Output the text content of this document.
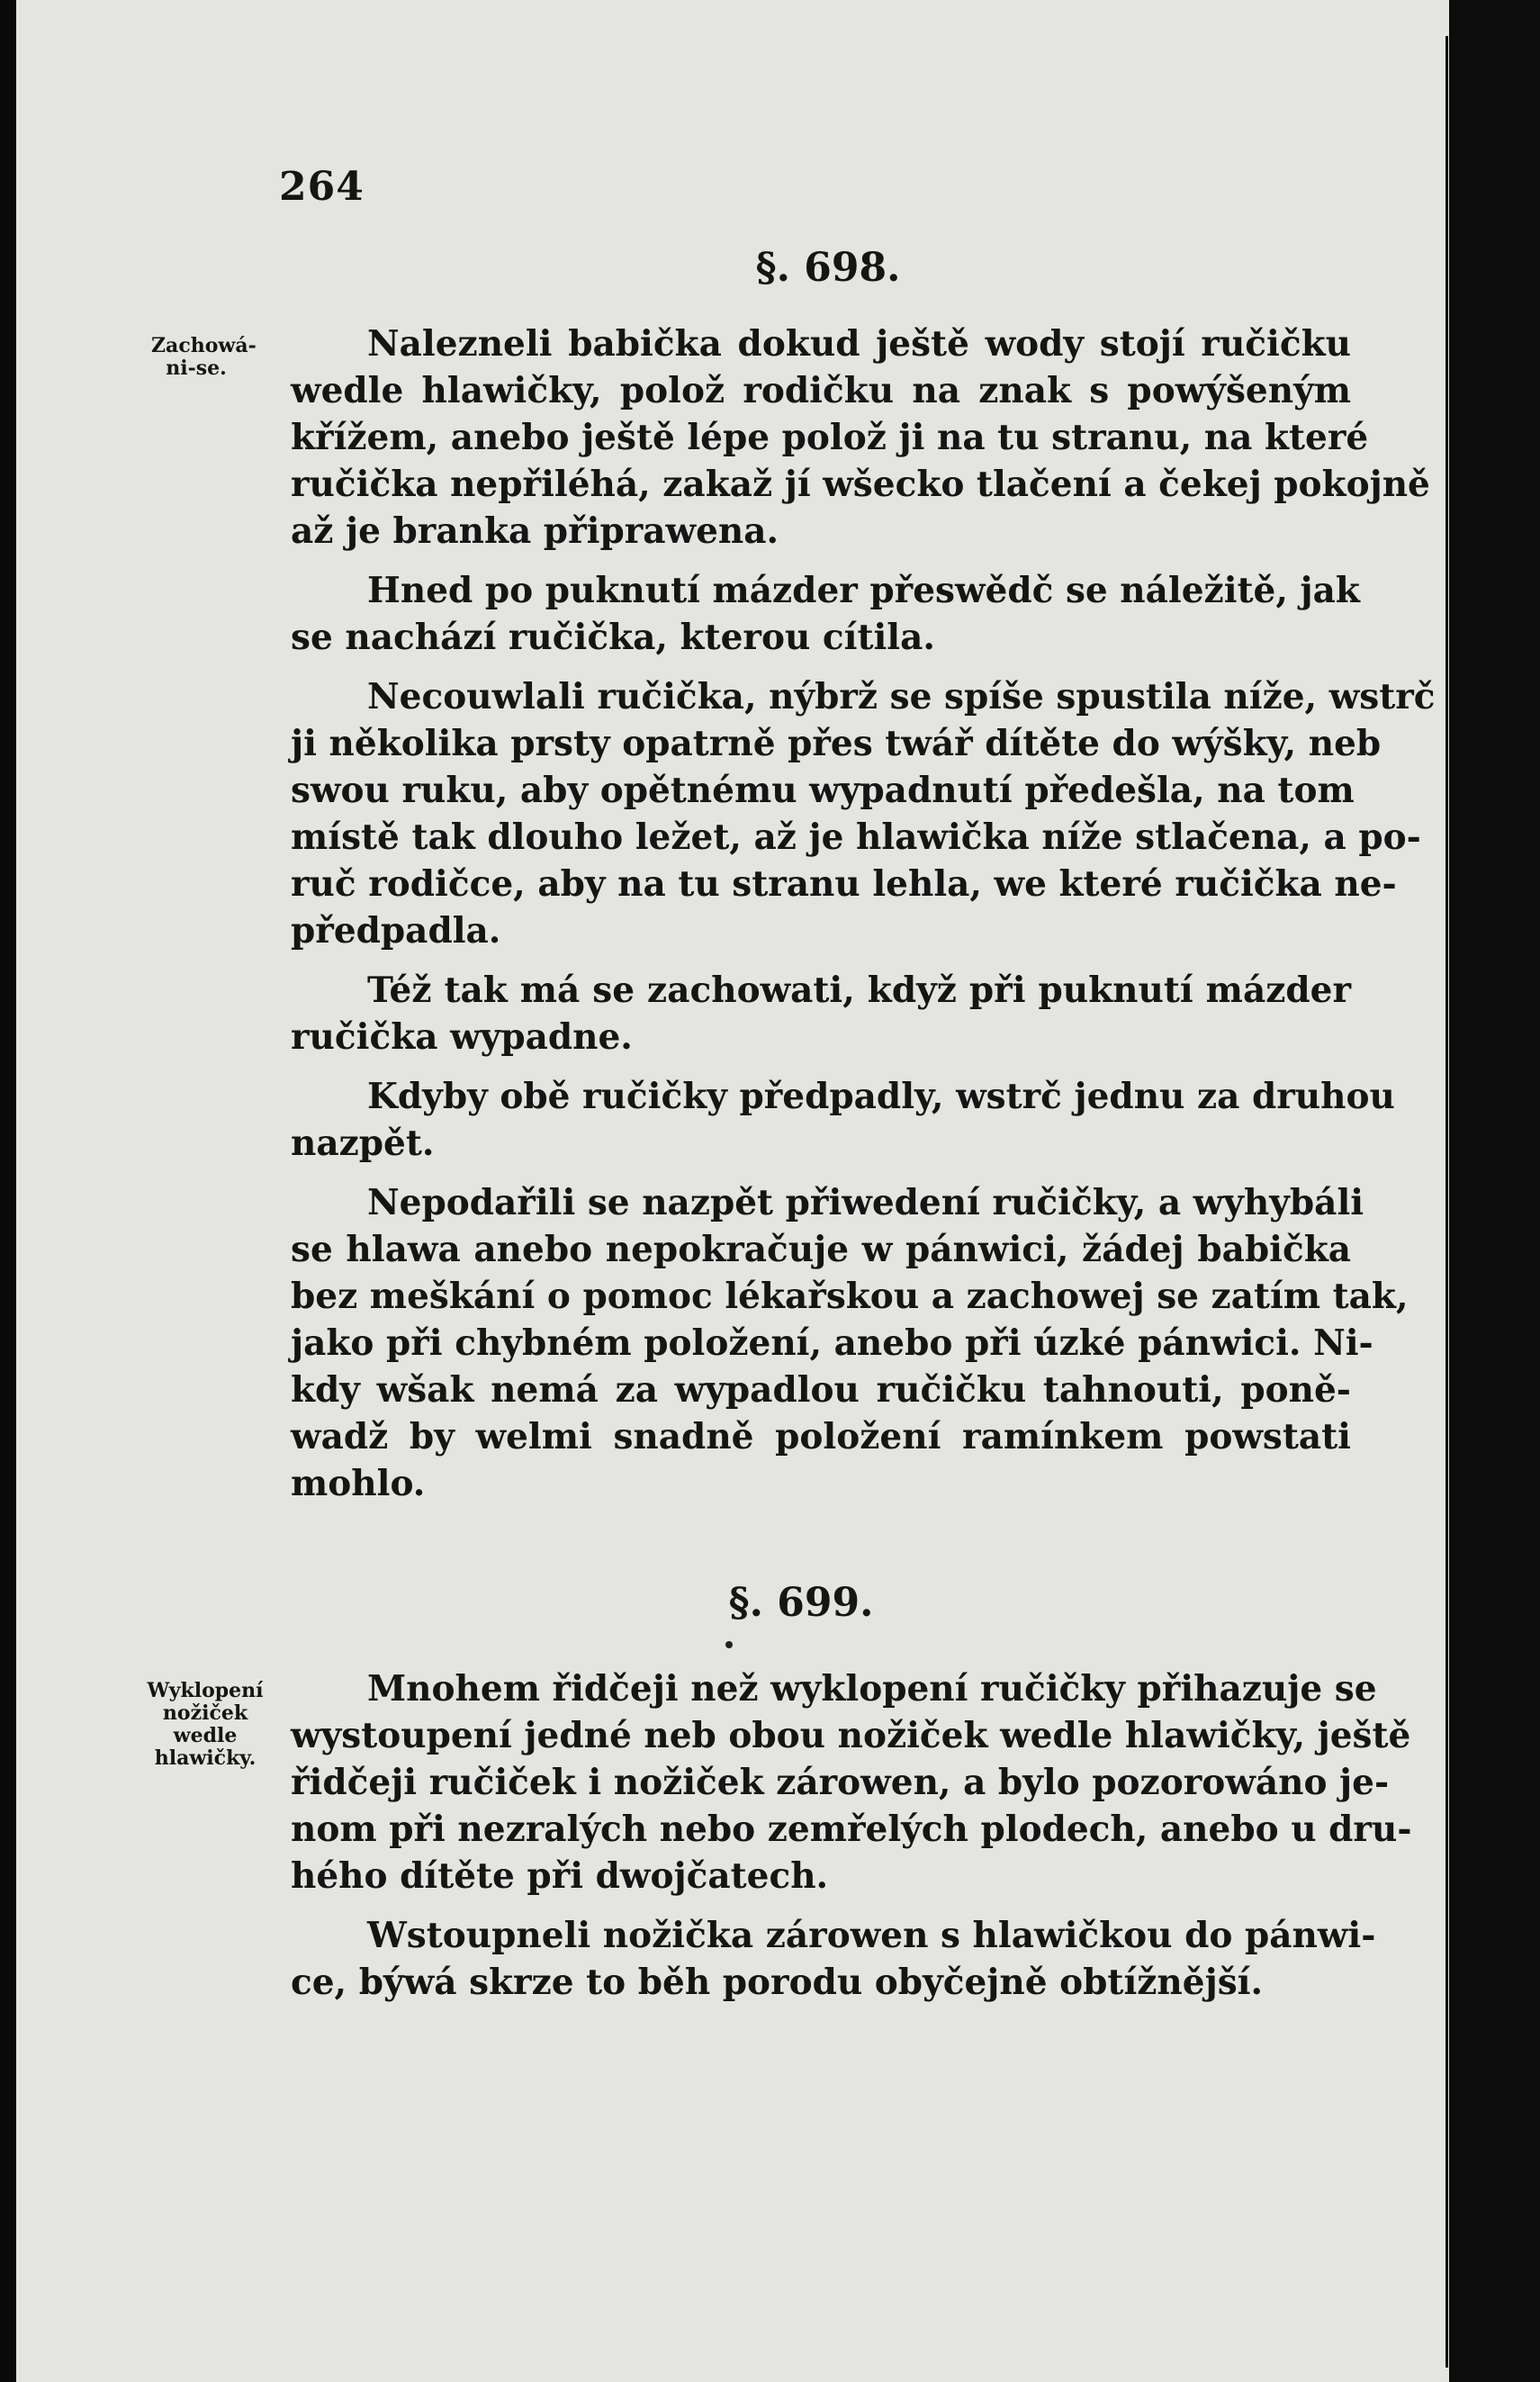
264
§. 698.
§. 699.
Zachowá-
ni-se.
Wyklopení
nožiček
wedle
hlawičky.
Nalezneli babička dokud ještě wody stojí ručičku
wedle hlawičky, polož rodičku na znak s powýšeným
křížem, anebo ještě lépe polož ji na tu stranu, na které
ručička nepřiléhá, zakaž jí wšecko tlačení a čekej pokojně
až je branka připrawena.
Hned po puknutí mázder přeswědč se náležitě, jak
se nachází ručička, kterou cítila.
Necouwlali ručička, nýbrž se spíše spustila níže, wstrč
ji několika prsty opatrně přes twář dítěte do wýšky, neb
swou ruku, aby opětnému wypadnutí předešla, na tom
místě tak dlouho ležet, až je hlawička níže stlačena, a po-
ruč rodičce, aby na tu stranu lehla, we které ručička ne-
předpadla.
Též tak má se zachowati, když při puknutí mázder
ručička wypadne.
Kdyby obě ručičky předpadly, wstrč jednu za druhou
nazpět.
Nepodařili se nazpět přiwedení ručičky, a wyhybáli
se hlawa anebo nepokračuje w pánwici, žádej babička
bez meškání o pomoc lékařskou a zachowej se zatím tak,
jako při chybném položení, anebo při úzké pánwici. Ni-
kdy wšak nemá za wypadlou ručičku tahnouti, poně-
wadž by welmi snadně položení ramínkem powstati
mohlo.
Mnohem řidčeji než wyklopení ručičky přihazuje se
wystoupení jedné neb obou nožiček wedle hlawičky, ještě
řidčeji ručiček i nožiček zárowen, a bylo pozorowáno je-
nom při nezralých nebo zemřelých plodech, anebo u dru-
hého dítěte při dwojčatech.
Wstoupneli nožička zárowen s hlawičkou do pánwi-
ce, býwá skrze to běh porodu obyčejně obtížnější.
